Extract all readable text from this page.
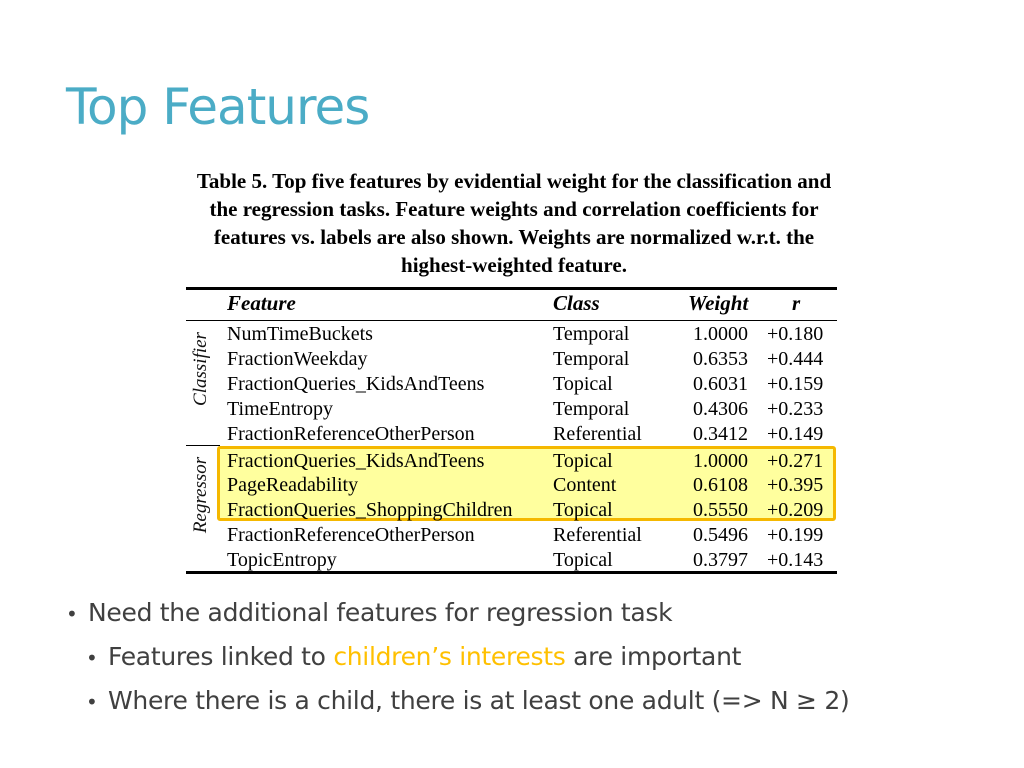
Top Features
Table 5. Top five features by evidential weight for the classification and the regression tasks. Feature weights and correlation coefficients for features vs. labels are also shown. Weights are normalized w.r.t. the highest-weighted feature.
Feature	Class	Weight r
Classifier
Regressor
NumTimeBuckets	Temporal	1.0000 +0.180
FractionWeekday	Temporal	0.6353 +0.444
FractionQueries_KidsAndTeens	Topical	0.6031 +0.159
TimeEntropy	Temporal	0.4306 +0.233
FractionReferenceOtherPerson	Referential	0.3412 +0.149
FractionQueries_KidsAndTeens	Topical	1.0000 +0.271
PageReadability	Content	0.6108 +0.395
FractionQueries_ShoppingChildren Topical	0.5550 +0.209
FractionReferenceOtherPerson	Referential	0.5496 +0.199
TopicEntropy	Topical	0.3797 +0.143
• Need the additional features for regression task
• Features linked to children’s interests are important
• Where there is a child, there is at least one adult (=> N ≥ 2)
